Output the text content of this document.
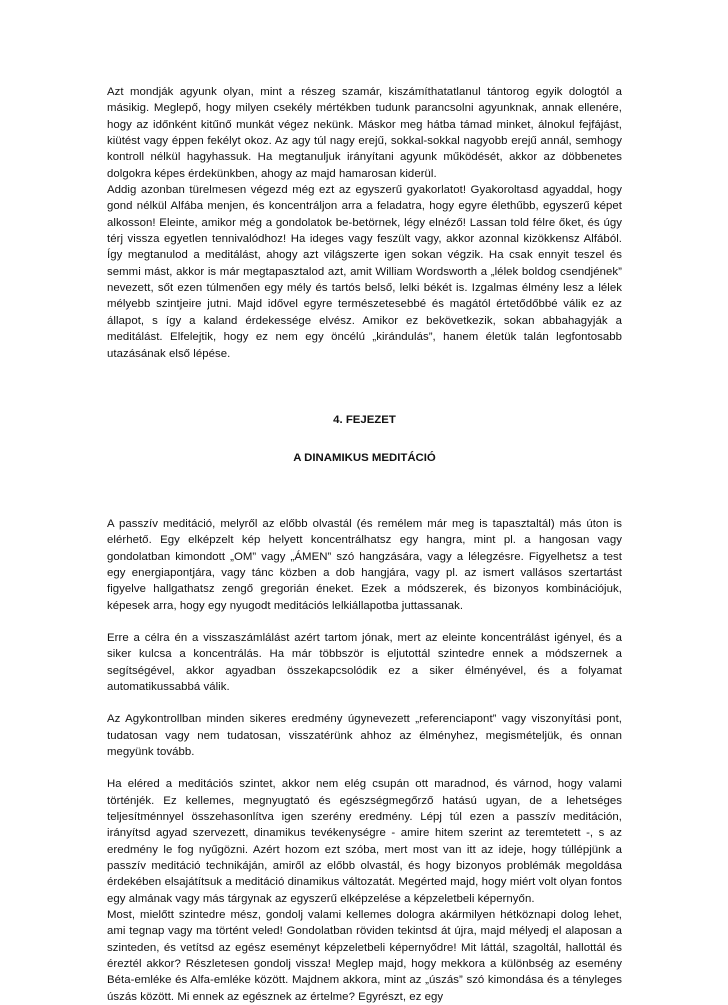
Azt mondják agyunk olyan, mint a részeg szamár, kiszámíthatatlanul tántorog egyik dologtól a másikig. Meglepő, hogy milyen csekély mértékben tudunk parancsolni agyunknak, annak ellenére, hogy az időnként kitűnő munkát végez nekünk. Máskor meg hátba támad minket, álnokul fejfájást, kiütést vagy éppen fekélyt okoz. Az agy túl nagy erejű, sokkal-sokkal nagyobb erejű annál, semhogy kontroll nélkül hagyhassuk. Ha megtanuljuk irányítani agyunk működését, akkor az döbbenetes dolgokra képes érdekünkben, ahogy az majd hamarosan kiderül.

Addig azonban türelmesen végezd még ezt az egyszerű gyakorlatot! Gyakoroltasd agyaddal, hogy gond nélkül Alfába menjen, és koncentráljon arra a feladatra, hogy egyre élethűbb, egyszerű képet alkosson! Eleinte, amikor még a gondolatok be-betörnek, légy elnéző! Lassan told félre őket, és úgy térj vissza egyetlen tennivalódhoz! Ha ideges vagy feszült vagy, akkor azonnal kizökkensz Alfából. Így megtanulod a meditálást, ahogy azt világszerte igen sokan végzik. Ha csak ennyit teszel és semmi mást, akkor is már megtapasztalod azt, amit William Wordsworth a „lélek boldog csendjének” nevezett, sőt ezen túlmenően egy mély és tartós belső, lelki békét is. Izgalmas élmény lesz a lélek mélyebb szintjeire jutni. Majd idővel egyre természetesebbé és magától értetődőbbé válik ez az állapot, s így a kaland érdekessége elvész. Amikor ez bekövetkezik, sokan abbahagyják a meditálást. Elfelejtik, hogy ez nem egy öncélú „kirándulás”, hanem életük talán legfontosabb utazásának első lépése.

4. FEJEZET

A DINAMIKUS MEDITÁCIÓ

A passzív meditáció, melyről az előbb olvastál (és remélem már meg is tapasztaltál) más úton is elérhető. Egy elképzelt kép helyett koncentrálhatsz egy hangra, mint pl. a hangosan vagy gondolatban kimondott „OM” vagy „ÁMEN” szó hangzására, vagy a lélegzésre. Figyelhetsz a test egy energiapontjára, vagy tánc közben a dob hangjára, vagy pl. az ismert vallásos szertartást figyelve hallgathatsz zengő gregorián éneket. Ezek a módszerek, és bizonyos kombinációjuk, képesek arra, hogy egy nyugodt meditációs lelkiállapotba juttassanak.

Erre a célra én a visszaszámlálást azért tartom jónak, mert az eleinte koncentrálást igényel, és a siker kulcsa a koncentrálás. Ha már többször is eljutottál szintedre ennek a módszernek a segítségével, akkor agyadban összekapcsolódik ez a siker élményével, és a folyamat automatikussabbá válik.

Az Agykontrollban minden sikeres eredmény úgynevezett „referenciapont” vagy viszonyítási pont, tudatosan vagy nem tudatosan, visszatérünk ahhoz az élményhez, megismételjük, és onnan megyünk tovább.

Ha eléred a meditációs szintet, akkor nem elég csupán ott maradnod, és várnod, hogy valami történjék. Ez kellemes, megnyugtató és egészségmegőrző hatású ugyan, de a lehetséges teljesítménnyel összehasonlítva igen szerény eredmény. Lépj túl ezen a passzív meditáción, irányítsd agyad szervezett, dinamikus tevékenységre - amire hitem szerint az teremtetett -, s az eredmény le fog nyűgözni. Azért hozom ezt szóba, mert most van itt az ideje, hogy túllépjünk a passzív meditáció technikáján, amiről az előbb olvastál, és hogy bizonyos problémák megoldása érdekében elsajátítsuk a meditáció dinamikus változatát. Megérted majd, hogy miért volt olyan fontos egy almának vagy más tárgynak az egyszerű elképzelése a képzeletbeli képernyőn.

Most, mielőtt szintedre mész, gondolj valami kellemes dologra akármilyen hétköznapi dolog lehet, ami tegnap vagy ma történt veled! Gondolatban röviden tekintsd át újra, majd mélyedj el alaposan a szinteden, és vetítsd az egész eseményt képzeletbeli képernyődre! Mit láttál, szagoltál, hallottál és éreztél akkor? Részletesen gondolj vissza! Meglep majd, hogy mekkora a különbség az esemény Béta-emléke és Alfa-emléke között. Majdnem akkora, mint az „úszás” szó kimondása és a tényleges úszás között. Mi ennek az egésznek az értelme? Egyrészt, ez egy
